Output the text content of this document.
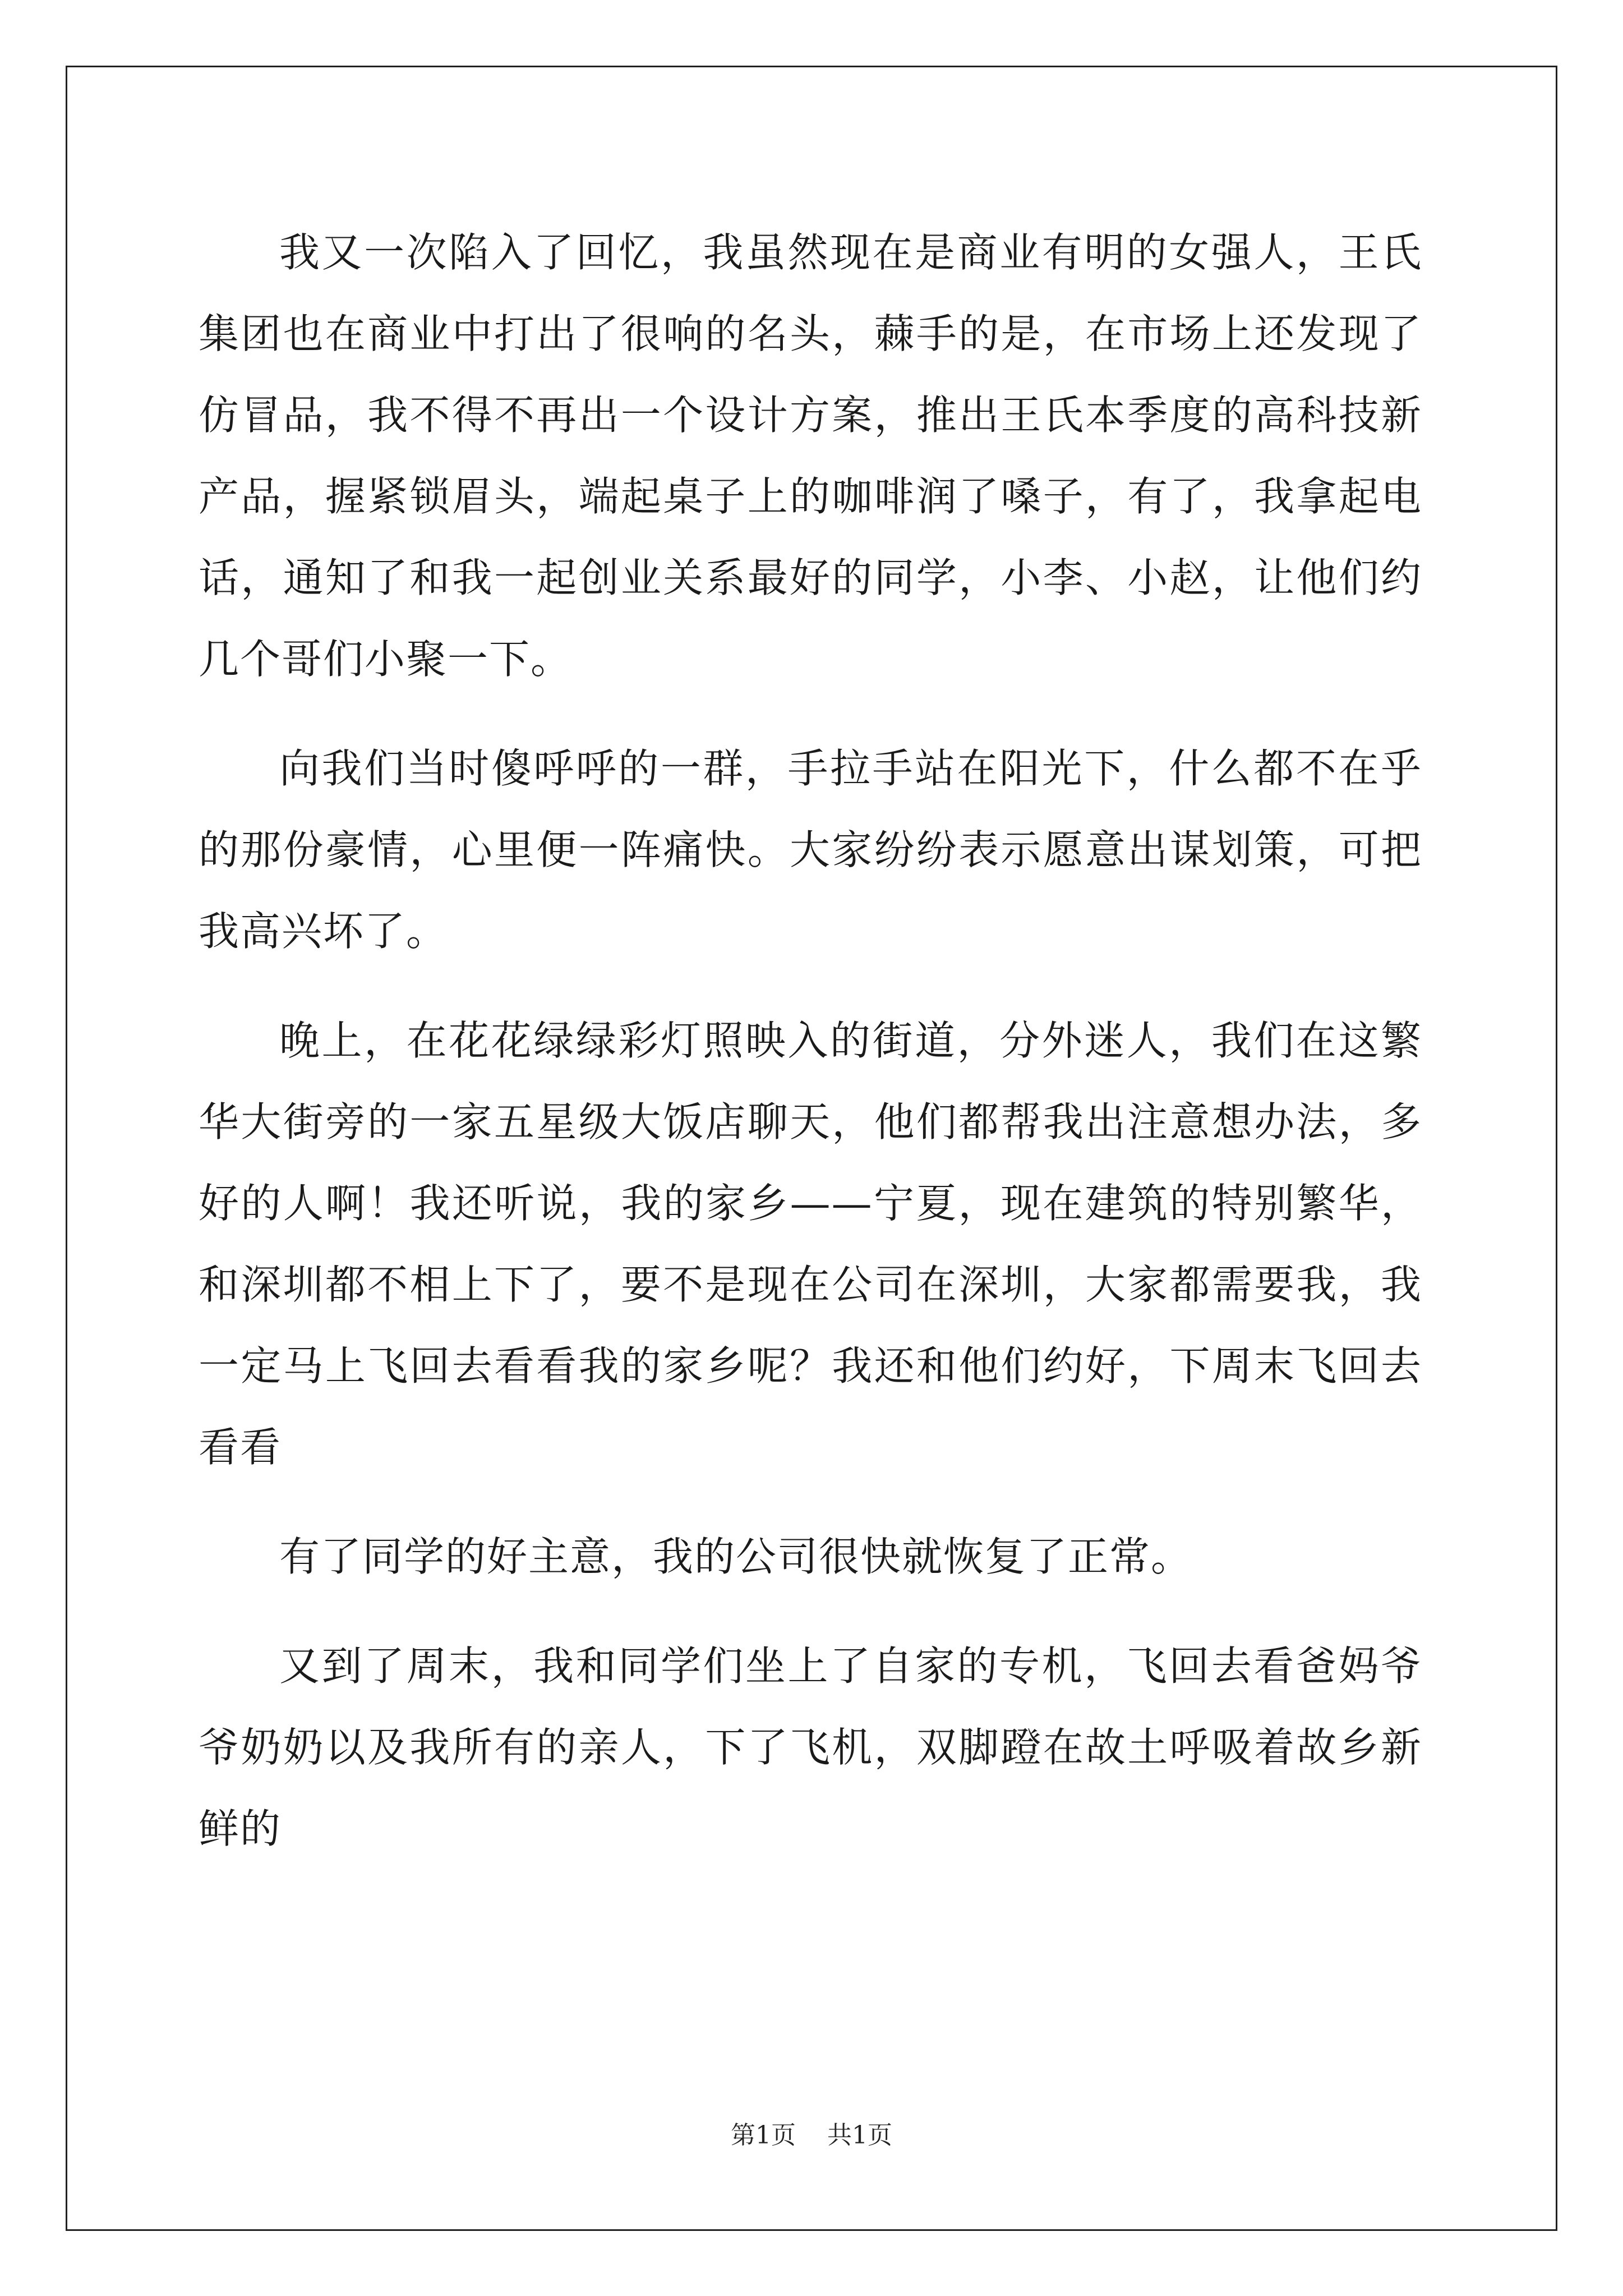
我又一次陷入了回忆，我虽然现在是商业有明的女强人，王氏集团也在商业中打出了很响的名头，蕀手的是，在市场上还发现了仿冒品，我不得不再出一个设计方案，推出王氏本季度的高科技新产品，握紧锁眉头，端起桌子上的咖啡润了嗓子，有了，我拿起电话，通知了和我一起创业关系最好的同学，小李、小赵，让他们约几个哥们小聚一下。

向我们当时傻呼呼的一群，手拉手站在阳光下，什么都不在乎的那份豪情，心里便一阵痛快。大家纷纷表示愿意出谋划策，可把我高兴坏了。

晚上，在花花绿绿彩灯照映入的街道，分外迷人，我们在这繁华大街旁的一家五星级大饭店聊天，他们都帮我出注意想办法，多好的人啊！我还听说，我的家乡——宁夏，现在建筑的特别繁华，和深圳都不相上下了，要不是现在公司在深圳，大家都需要我，我一定马上飞回去看看我的家乡呢？我还和他们约好，下周末飞回去看看

有了同学的好主意，我的公司很快就恢复了正常。

又到了周末，我和同学们坐上了自家的专机，飞回去看爸妈爷爷奶奶以及我所有的亲人，下了飞机，双脚蹬在故土呼吸着故乡新鲜的

第1页 共1页
